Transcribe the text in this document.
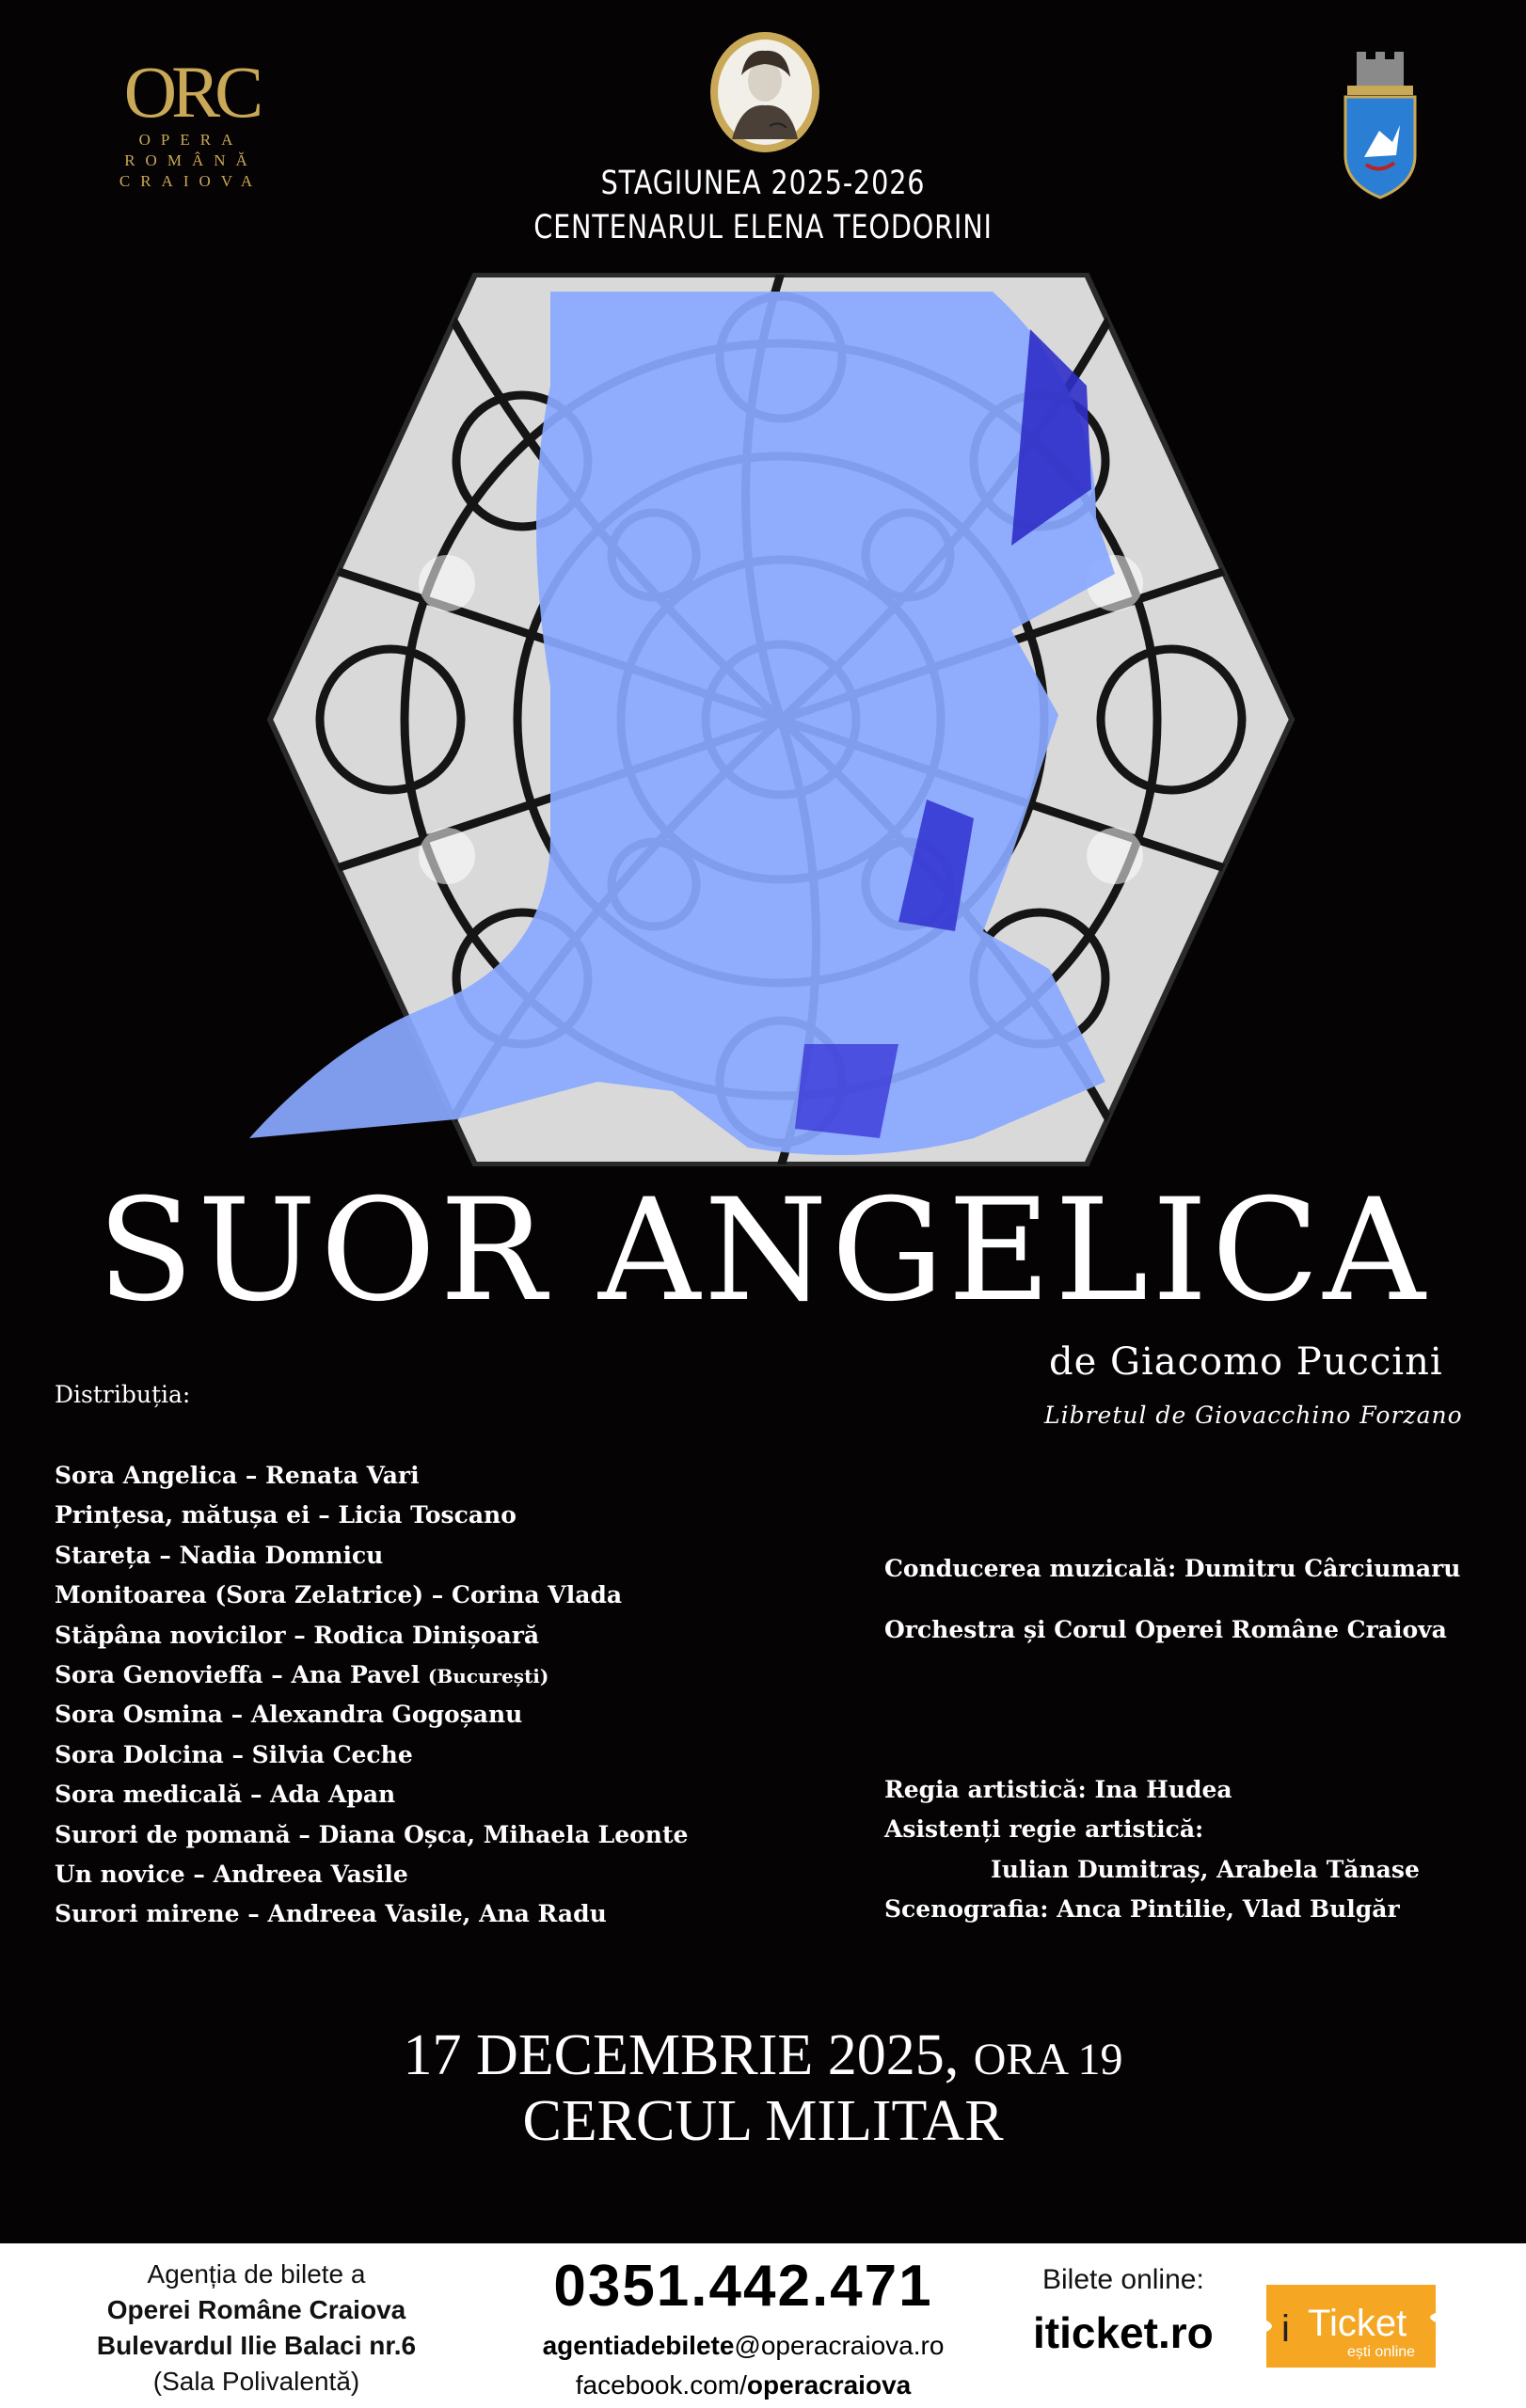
ORC
OPERA
ROMÂNĂ
CRAIOVA	STAGIUNEA 2025-2026
CENTENARUL ELENA TEODORINI
SUOR ANGELICA
de Giacomo Puccini
Libretul de Giovacchino Forzano
Distribuția:
Sora Angelica – Renata Vari
Prințesa, mătușa ei – Licia Toscano
Starețа – Nadia Domnicu
Monitoarea (Sora Zelatrice) – Corina Vlada
Stăpâna novicilor – Rodica Dinișoară
Sora Genovieffa – Ana Pavel (București)
Sora Osmina – Alexandra Gogoșanu
Sora Dolcina – Silvia Ceche
Sora medicală – Ada Apan
Surori de pomană – Diana Oșca, Mihaela Leonte
Un novice – Andreea Vasile
Surori mirene – Andreea Vasile, Ana Radu
Conducerea muzicală: Dumitru Cârciumaru
Orchestra și Corul Operei Române Craiova
Regia artistică: Ina Hudea
Asistenți regie artistică:
Iulian Dumitraș, Arabela Tănase
Scenografia: Anca Pintilie, Vlad Bulgăr
17 DECEMBRIE 2025, ORA 19
CERCUL MILITAR
Agenția de bilete a
Operei Române Craiova
Bulevardul Ilie Balaci nr.6
(Sala Polivalentă)
0351.442.471
agentiadebilete@operacraiova.ro
facebook.com/operacraiova
Bilete online:
iticket.ro i Ticket
ești online
